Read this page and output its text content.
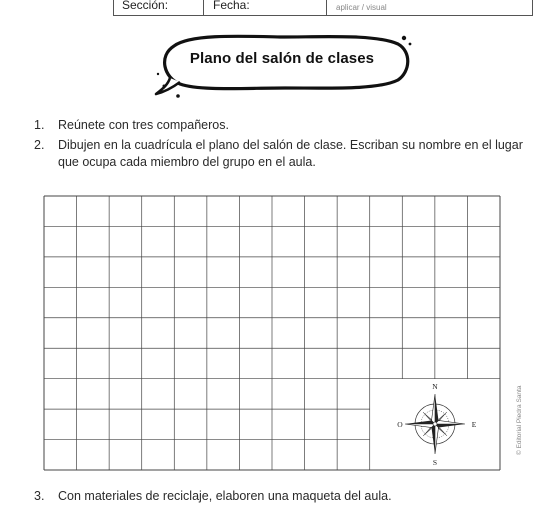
Sección:	Fecha:	aplicar / visual
Plano del salón de clases
1. Reúnete con tres compañeros.
2. Dibujen en la cuadrícula el plano del salón de clase. Escriban su nombre en el lugar
que ocupa cada miembro del grupo en el aula.
3. Con materiales de reciclaje, elaboren una maqueta del aula.
N
S
E
O	© Editorial Piedra Santa
